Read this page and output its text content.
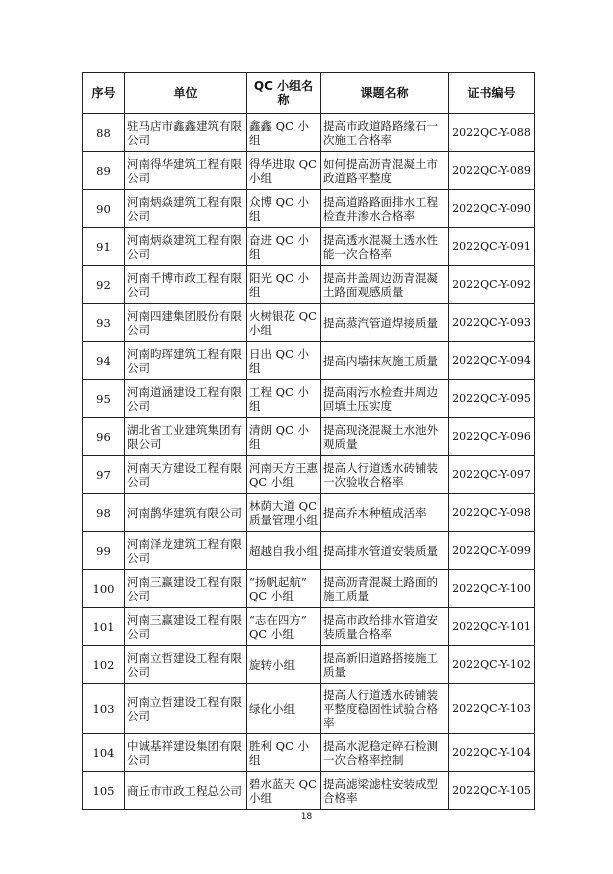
序号	单位	QC 小组名称	课题名称	证书编号
88	驻马店市鑫鑫建筑有限公司	鑫鑫 QC 小组	提高市政道路路缘石一次施工合格率	2022QC-Y-088
89	河南得华建筑工程有限公司	得华进取 QC 小组	如何提高沥青混凝土市政道路平整度	2022QC-Y-089
90	河南炳焱建筑工程有限公司	众博 QC 小组	提高道路路面排水工程检查井渗水合格率	2022QC-Y-090
91	河南炳焱建筑工程有限公司	奋进 QC 小组	提高透水混凝土透水性能一次合格率	2022QC-Y-091
92	河南千博市政工程有限公司	阳光 QC 小组	提高井盖周边沥青混凝土路面观感质量	2022QC-Y-092
93	河南四建集团股份有限公司	火树银花 QC 小组	提高蒸汽管道焊接质量	2022QC-Y-093
94	河南昀珲建筑工程有限公司	日出 QC 小组	提高内墙抹灰施工质量	2022QC-Y-094
95	河南道涵建设工程有限公司	工程 QC 小组	提高雨污水检查井周边回填土压实度	2022QC-Y-095
96	湖北省工业建筑集团有限公司	清朗 QC 小组	提高现浇混凝土水池外观质量	2022QC-Y-096
97	河南天方建设工程有限公司	河南天方王惠 QC 小组	提高人行道透水砖铺装一次验收合格率	2022QC-Y-097
98	河南鹊华建筑有限公司	林荫大道 QC 质量管理小组	提高乔木种植成活率	2022QC-Y-098
99	河南泽龙建筑工程有限公司	超越自我小组	提高排水管道安装质量	2022QC-Y-099
100	河南三赢建设工程有限公司	“扬帆起航” QC 小组	提高沥青混凝土路面的施工质量	2022QC-Y-100
101	河南三赢建设工程有限公司	“志在四方” QC 小组	提高市政给排水管道安装质量合格率	2022QC-Y-101
102	河南立哲建设工程有限公司	旋转小组	提高新旧道路搭接施工质量	2022QC-Y-102
103	河南立哲建设工程有限公司	绿化小组	提高人行道透水砖铺装平整度稳固性试验合格率	2022QC-Y-103
104	中诚基祥建设集团有限公司	胜利 QC 小组	提高水泥稳定碎石检测一次合格率控制	2022QC-Y-104
105	商丘市市政工程总公司	碧水蓝天 QC 小组	提高滤梁滤柱安装成型合格率	2022QC-Y-105
18
